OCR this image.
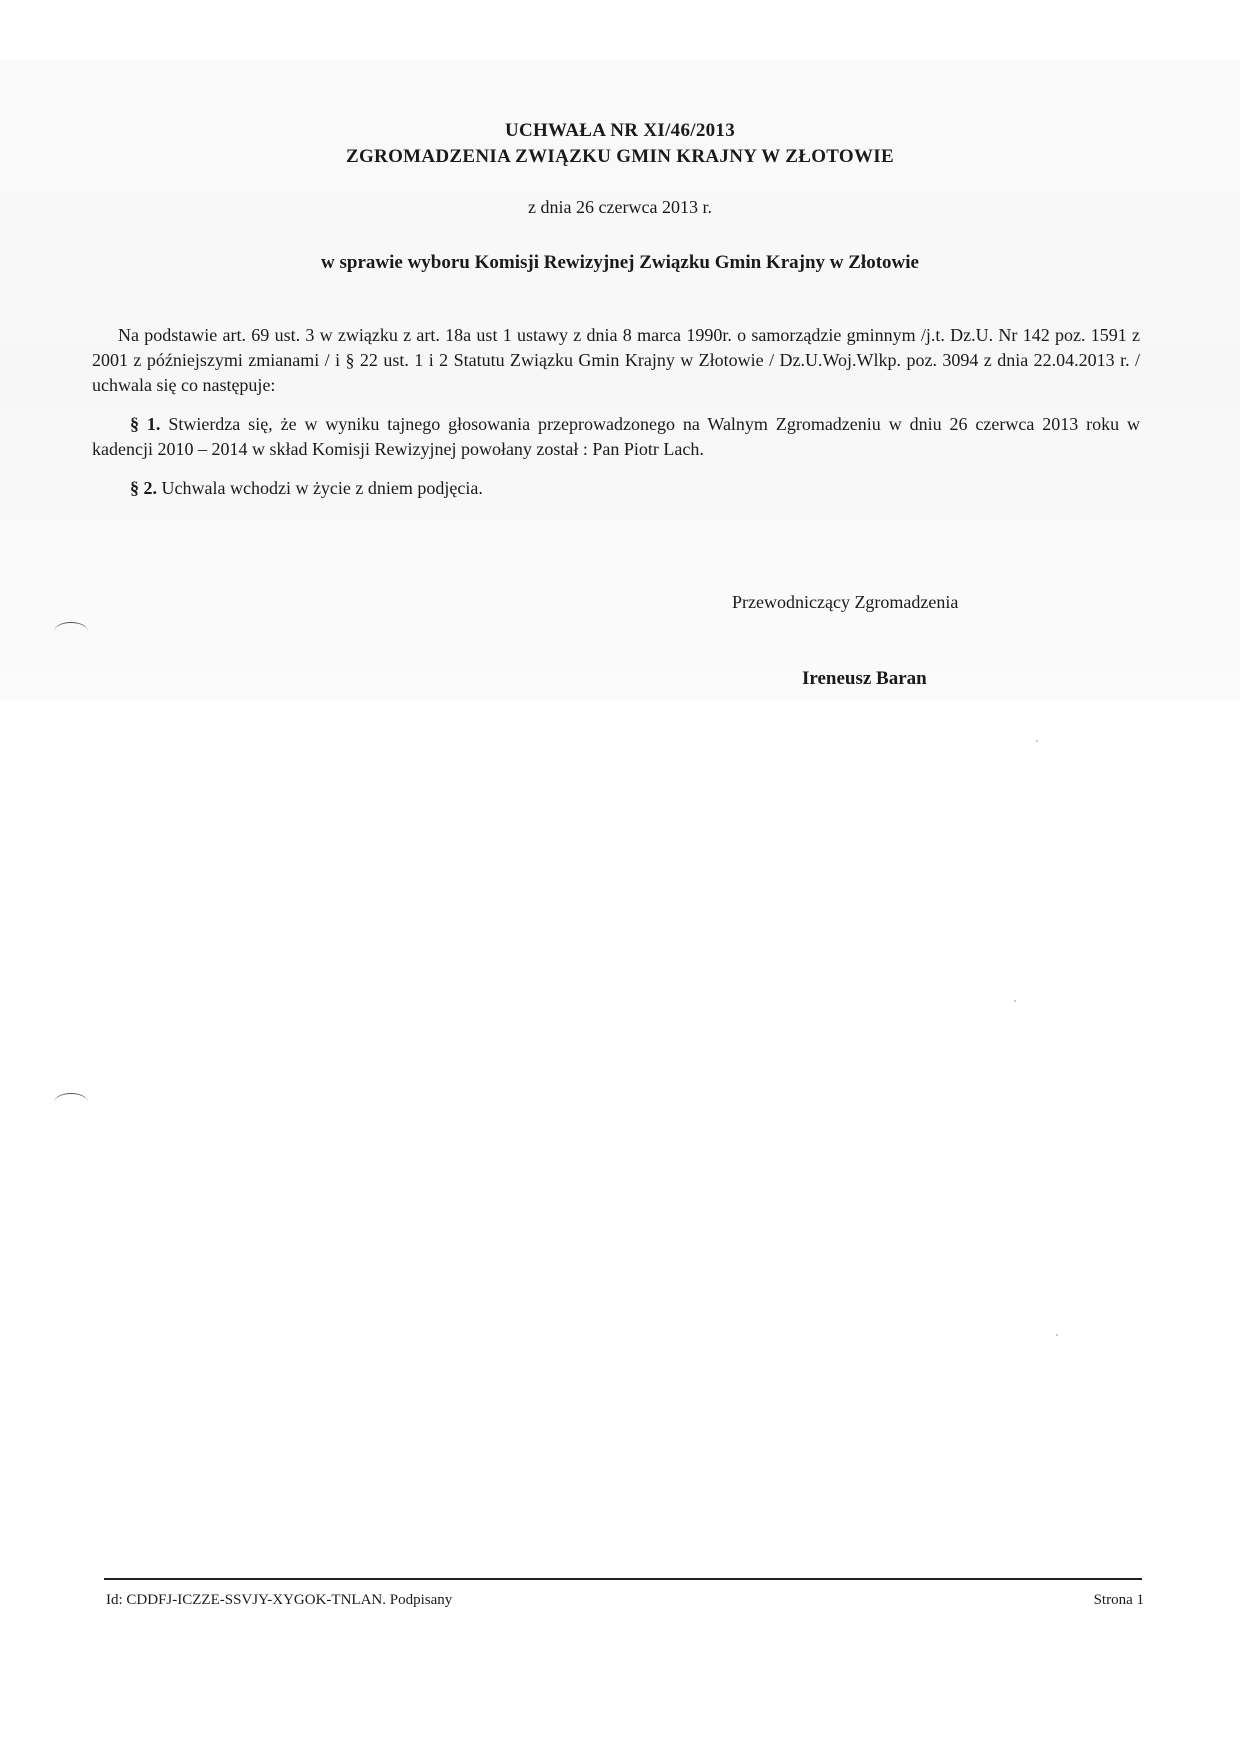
UCHWAŁA NR XI/46/2013
ZGROMADZENIA ZWIĄZKU GMIN KRAJNY W ZŁOTOWIE
z dnia 26 czerwca 2013 r.
w sprawie wyboru Komisji Rewizyjnej Związku Gmin Krajny w Złotowie
Na podstawie art. 69 ust. 3 w związku z art. 18a ust 1 ustawy z dnia 8 marca 1990r. o samorządzie gminnym /j.t. Dz.U. Nr 142 poz. 1591 z 2001 z późniejszymi zmianami / i § 22 ust. 1 i 2 Statutu Związku Gmin Krajny w Złotowie / Dz.U.Woj.Wlkp. poz. 3094 z dnia 22.04.2013 r. / uchwala się co następuje:
§ 1. Stwierdza się, że w wyniku tajnego głosowania przeprowadzonego na Walnym Zgromadzeniu w dniu 26 czerwca 2013 roku w kadencji 2010 – 2014 w skład Komisji Rewizyjnej powołany został : Pan Piotr Lach.
§ 2. Uchwala wchodzi w życie z dniem podjęcia.
Przewodniczący Zgromadzenia
Ireneusz Baran
Id: CDDFJ-ICZZE-SSVJY-XYGOK-TNLAN. Podpisany	Strona 1
